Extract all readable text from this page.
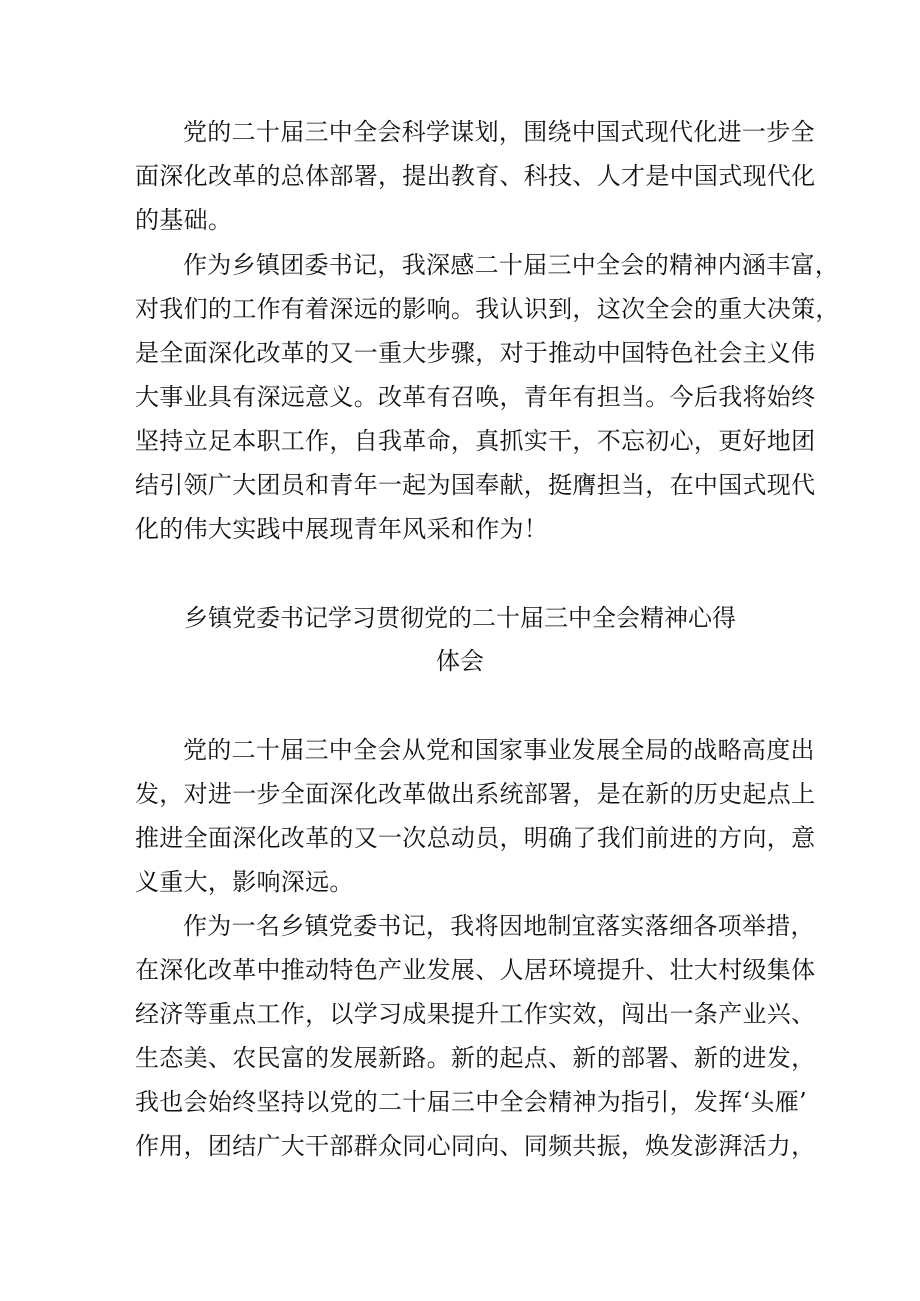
党的二十届三中全会科学谋划，围绕中国式现代化进一步全
面深化改革的总体部署，提出教育、科技、人才是中国式现代化
的基础。
作为乡镇团委书记，我深感二十届三中全会的精神内涵丰富，
对我们的工作有着深远的影响。我认识到，这次全会的重大决策，
是全面深化改革的又一重大步骤，对于推动中国特色社会主义伟
大事业具有深远意义。改革有召唤，青年有担当。今后我将始终
坚持立足本职工作，自我革命，真抓实干，不忘初心，更好地团
结引领广大团员和青年一起为国奉献，挺膺担当，在中国式现代
化的伟大实践中展现青年风采和作为！
乡镇党委书记学习贯彻党的二十届三中全会精神心得
体会
党的二十届三中全会从党和国家事业发展全局的战略高度出
发，对进一步全面深化改革做出系统部署，是在新的历史起点上
推进全面深化改革的又一次总动员，明确了我们前进的方向，意
义重大，影响深远。
作为一名乡镇党委书记，我将因地制宜落实落细各项举措，
在深化改革中推动特色产业发展、人居环境提升、壮大村级集体
经济等重点工作，以学习成果提升工作实效，闯出一条产业兴、
生态美、农民富的发展新路。新的起点、新的部署、新的进发，
我也会始终坚持以党的二十届三中全会精神为指引，发挥‘头雁’
作用，团结广大干部群众同心同向、同频共振，焕发澎湃活力，
